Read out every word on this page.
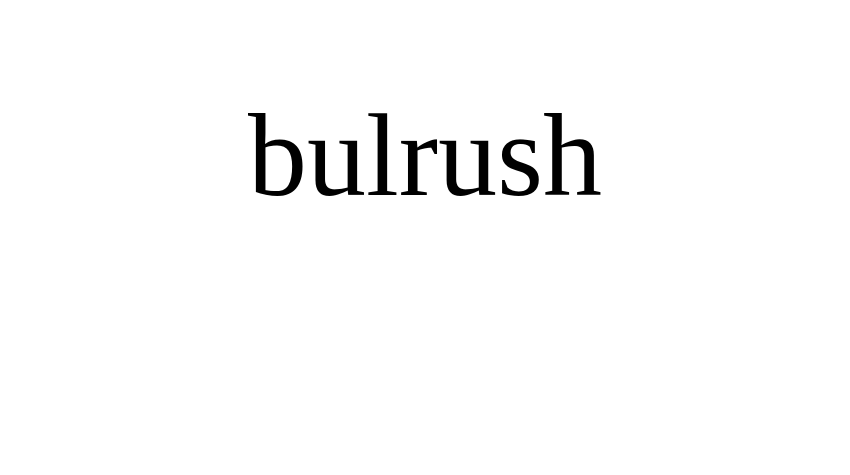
bulrush
